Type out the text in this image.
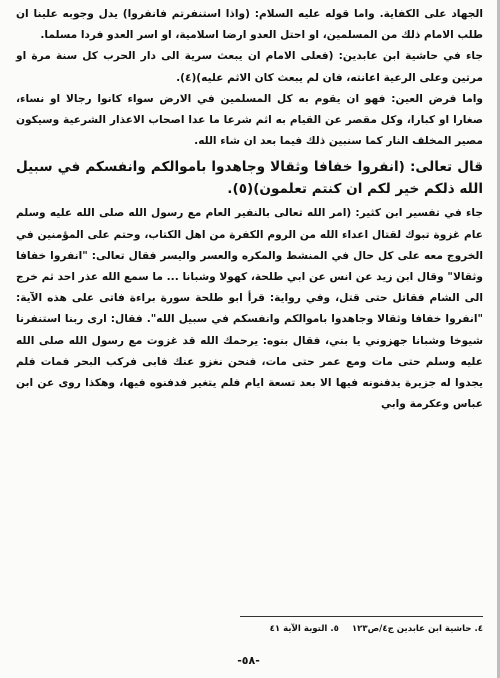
الجهاد على الكفاية. واما قوله عليه السلام: (واذا استنفرتم فانفروا) يدل وجوبه علينا ان طلب الامام ذلك من المسلمين، او احتل العدو ارضا اسلامية، او اسر العدو فردا مسلما.

جاء في حاشية ابن عابدين: (فعلى الامام ان يبعث سرية الى دار الحرب كل سنة مرة او مرتين وعلى الرعية اعانته، فان لم يبعث كان الاثم عليه)(٤).

واما فرض العين: فهو ان يقوم به كل المسلمين في الارض سواء كانوا رجالا او نساء، صغارا او كبارا، وكل مقصر عن القيام به اثم شرعا ما عدا اصحاب الاعذار الشرعية وسيكون مصير المخلف النار كما سنبين ذلك فيما بعد ان شاء الله.

قال تعالى: (انفروا خفافا وثقالا وجاهدوا باموالكم وانفسكم في سبيل الله ذلكم خير لكم ان كنتم تعلمون)(٥).

جاء في تفسير ابن كثير: (امر الله تعالى بالنفير العام مع رسول الله صلى الله عليه وسلم عام غزوة تبوك لقتال اعداء الله من الروم الكفرة من اهل الكتاب، وحتم على المؤمنين في الخروج معه على كل حال في المنشط والمكره والعسر واليسر فقال تعالى: "انفروا خفافا وثقالا" وقال ابن زيد عن انس عن ابي طلحة، كهولا وشبانا ... ما سمع الله عذر احد ثم خرج الى الشام فقاتل حتى قتل، وفي رواية: قرأ ابو طلحة سورة براءة فاتى على هذه الآية: "انفروا خفافا وثقالا وجاهدوا باموالكم وانفسكم في سبيل الله". فقال: ارى ربنا استنفرنا شيوخا وشبانا جهزوني يا بني، فقال بنوه: يرحمك الله قد غزوت مع رسول الله صلى الله عليه وسلم حتى مات ومع عمر حتى مات، فنحن نغزو عنك فابى فركب البحر فمات فلم يجدوا له جزيرة يدفنونه فيها الا بعد تسعة ايام فلم يتغير فدفنوه فيها، وهكذا روى عن ابن عباس وعكرمة وابي

٤. حاشية ابن عابدين ج٤/ص١٢٣ ٥. التوبة الآية ٤١
-٥٨-
